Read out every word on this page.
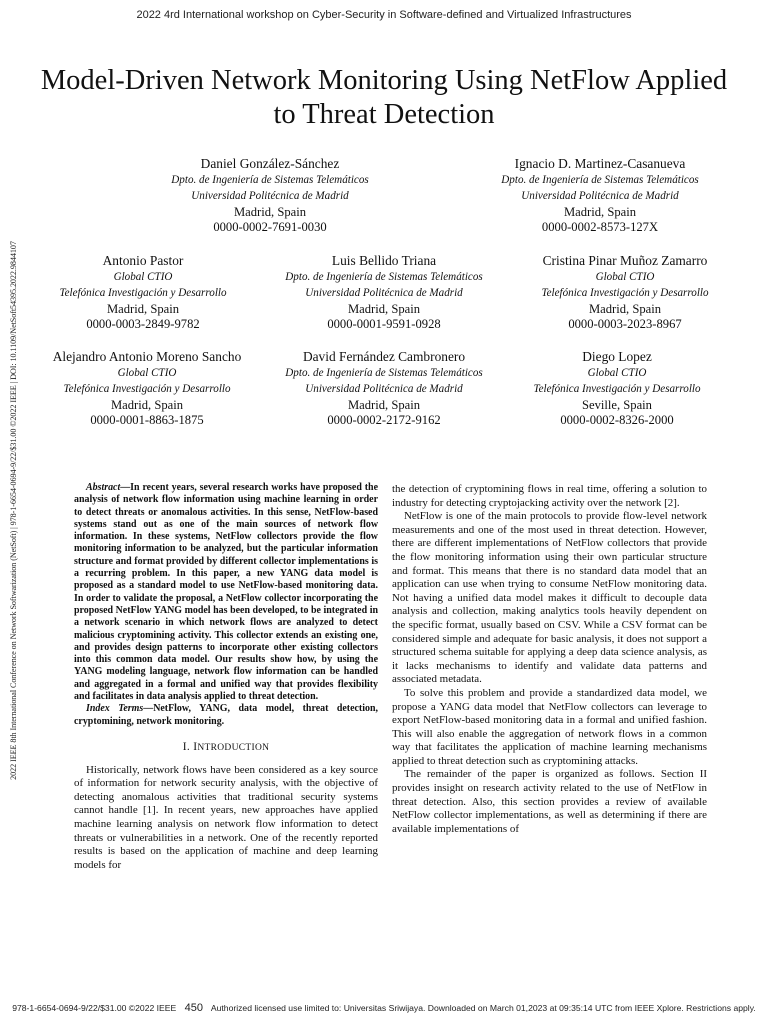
2022 4rd International workshop on Cyber-Security in Software-defined and Virtualized Infrastructures
2022 IEEE 8th International Conference on Network Softwarization (NetSoft) | 978-1-6654-0694-9/22/$31.00 ©2022 IEEE | DOI: 10.1109/NetSoft54395.2022.9844107
Model-Driven Network Monitoring Using NetFlow Applied to Threat Detection
Daniel González-Sánchez
Dpto. de Ingeniería de Sistemas Telemáticos
Universidad Politécnica de Madrid
Madrid, Spain
0000-0002-7691-0030
Ignacio D. Martinez-Casanueva
Dpto. de Ingeniería de Sistemas Telemáticos
Universidad Politécnica de Madrid
Madrid, Spain
0000-0002-8573-127X
Antonio Pastor
Global CTIO
Telefónica Investigación y Desarrollo
Madrid, Spain
0000-0003-2849-9782
Luis Bellido Triana
Dpto. de Ingeniería de Sistemas Telemáticos
Universidad Politécnica de Madrid
Madrid, Spain
0000-0001-9591-0928
Cristina Pinar Muñoz Zamarro
Global CTIO
Telefónica Investigación y Desarrollo
Madrid, Spain
0000-0003-2023-8967
Alejandro Antonio Moreno Sancho
Global CTIO
Telefónica Investigación y Desarrollo
Madrid, Spain
0000-0001-8863-1875
David Fernández Cambronero
Dpto. de Ingeniería de Sistemas Telemáticos
Universidad Politécnica de Madrid
Madrid, Spain
0000-0002-2172-9162
Diego Lopez
Global CTIO
Telefónica Investigación y Desarrollo
Seville, Spain
0000-0002-8326-2000

Abstract—In recent years, several research works have proposed the analysis of network flow information using machine learning in order to detect threats or anomalous activities. In this sense, NetFlow-based systems stand out as one of the main sources of network flow information. In these systems, NetFlow collectors provide the flow monitoring information to be analyzed, but the particular information structure and format provided by different collector implementations is a recurring problem. In this paper, a new YANG data model is proposed as a standard model to use NetFlow-based monitoring data. In order to validate the proposal, a NetFlow collector incorporating the proposed NetFlow YANG model has been developed, to be integrated in a network scenario in which network flows are analyzed to detect malicious cryptomining activity. This collector extends an existing one, and provides design patterns to incorporate other existing collectors into this common data model. Our results show how, by using the YANG modeling language, network flow information can be handled and aggregated in a formal and unified way that provides flexibility and facilitates in data analysis applied to threat detection.

Index Terms—NetFlow, YANG, data model, threat detection, cryptomining, network monitoring.

I. INTRODUCTION

Historically, network flows have been considered as a key source of information for network security analysis, with the objective of detecting anomalous activities that traditional security systems cannot handle [1]. In recent years, new approaches have applied machine learning analysis on network flow information to detect threats or vulnerabilities in a network. One of the recently reported results is based on the application of machine and deep learning models for

the detection of cryptomining flows in real time, offering a solution to industry for detecting cryptojacking activity over the network [2].

NetFlow is one of the main protocols to provide flow-level network measurements and one of the most used in threat detection. However, there are different implementations of NetFlow collectors that provide the flow monitoring information using their own particular structure and format. This means that there is no standard data model that an application can use when trying to consume NetFlow monitoring data. Not having a unified data model makes it difficult to decouple data analysis and collection, making analytics tools heavily dependent on the specific format, usually based on CSV. While a CSV format can be considered simple and adequate for basic analysis, it does not support a structured schema suitable for applying a deep data science analysis, as it lacks mechanisms to identify and validate data patterns and associated metadata.

To solve this problem and provide a standardized data model, we propose a YANG data model that NetFlow collectors can leverage to export NetFlow-based monitoring data in a formal and unified fashion. This will also enable the aggregation of network flows in a common way that facilitates the application of machine learning mechanisms applied to threat detection such as cryptomining attacks.

The remainder of the paper is organized as follows. Section II provides insight on research activity related to the use of NetFlow in threat detection. Also, this section provides a review of available NetFlow collector implementations, as well as determining if there are available implementations of

978-1-6654-0694-9/22/$31.00 ©2022 IEEE 450 Authorized licensed use limited to: Universitas Sriwijaya. Downloaded on March 01,2023 at 09:35:14 UTC from IEEE Xplore. Restrictions apply.
